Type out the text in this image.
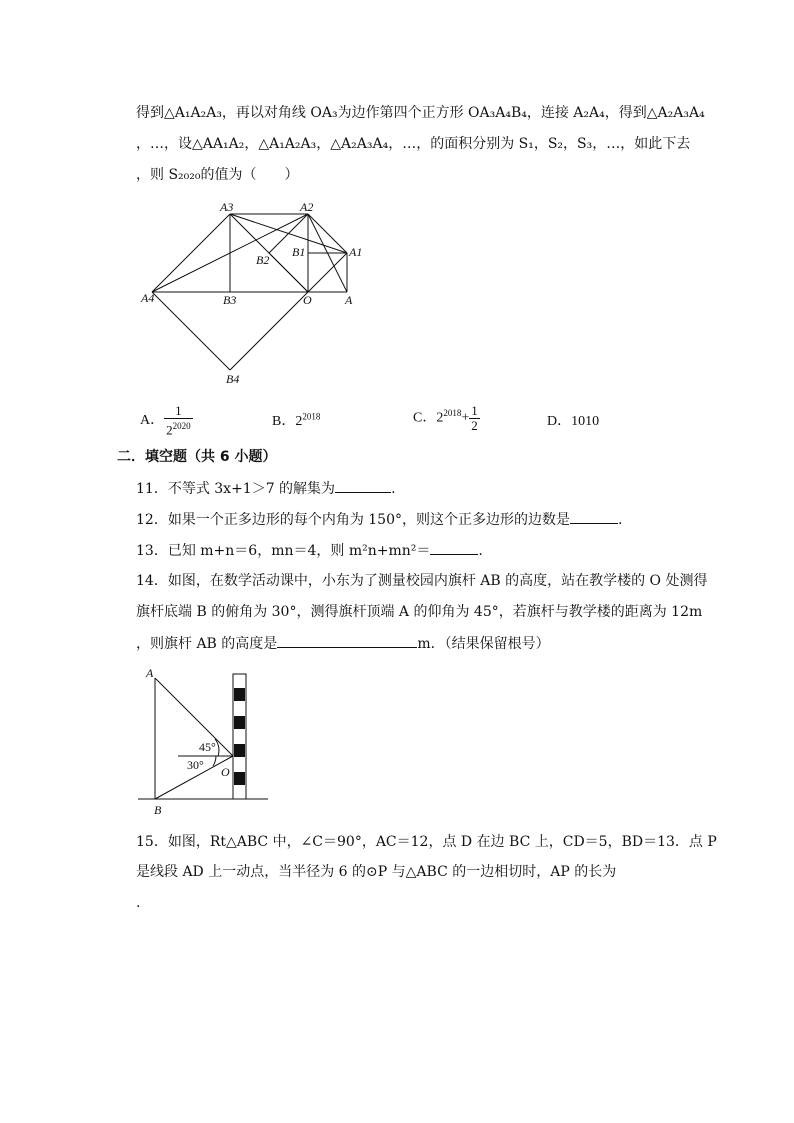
得到△A₁A₂A₃，再以对角线 OA₃为边作第四个正方形 OA₃A₄B₄，连接 A₂A₄，得到△A₂A₃A₄
，…，设△AA₁A₂，△A₁A₂A₃，△A₂A₃A₄，…，的面积分别为 S₁，S₂，S₃，…，如此下去
，则 S₂₀₂₀的值为（　　）
A3	A2
A1
B1
B2
A4	B3	O	A
B4
A． $\frac{1}{2^{2020}}$	B．$2^{2018}$	C．$2^{2018}+ \frac{1}{2}$	D．1010
二．填空题（共 6 小题）
11．不等式 3x+1＞7 的解集为	.
12．如果一个正多边形的每个内角为 150°，则这个正多边形的边数是	.
13．已知 m+n＝6，mn＝4，则 m²n+mn²＝	.
14．如图，在数学活动课中，小东为了测量校园内旗杆 AB 的高度，站在教学楼的 O 处测得
旗杆底端 B 的俯角为 30°，测得旗杆顶端 A 的仰角为 45°，若旗杆与教学楼的距离为 12m
，则旗杆 AB 的高度是	m．（结果保留根号）
A
B
O
45°
30°
15．如图，Rt△ABC 中，∠C＝90°，AC＝12，点 D 在边 BC 上，CD＝5，BD＝13．点 P
是线段 AD 上一动点，当半径为 6 的⊙P 与△ABC 的一边相切时，AP 的长为
.
